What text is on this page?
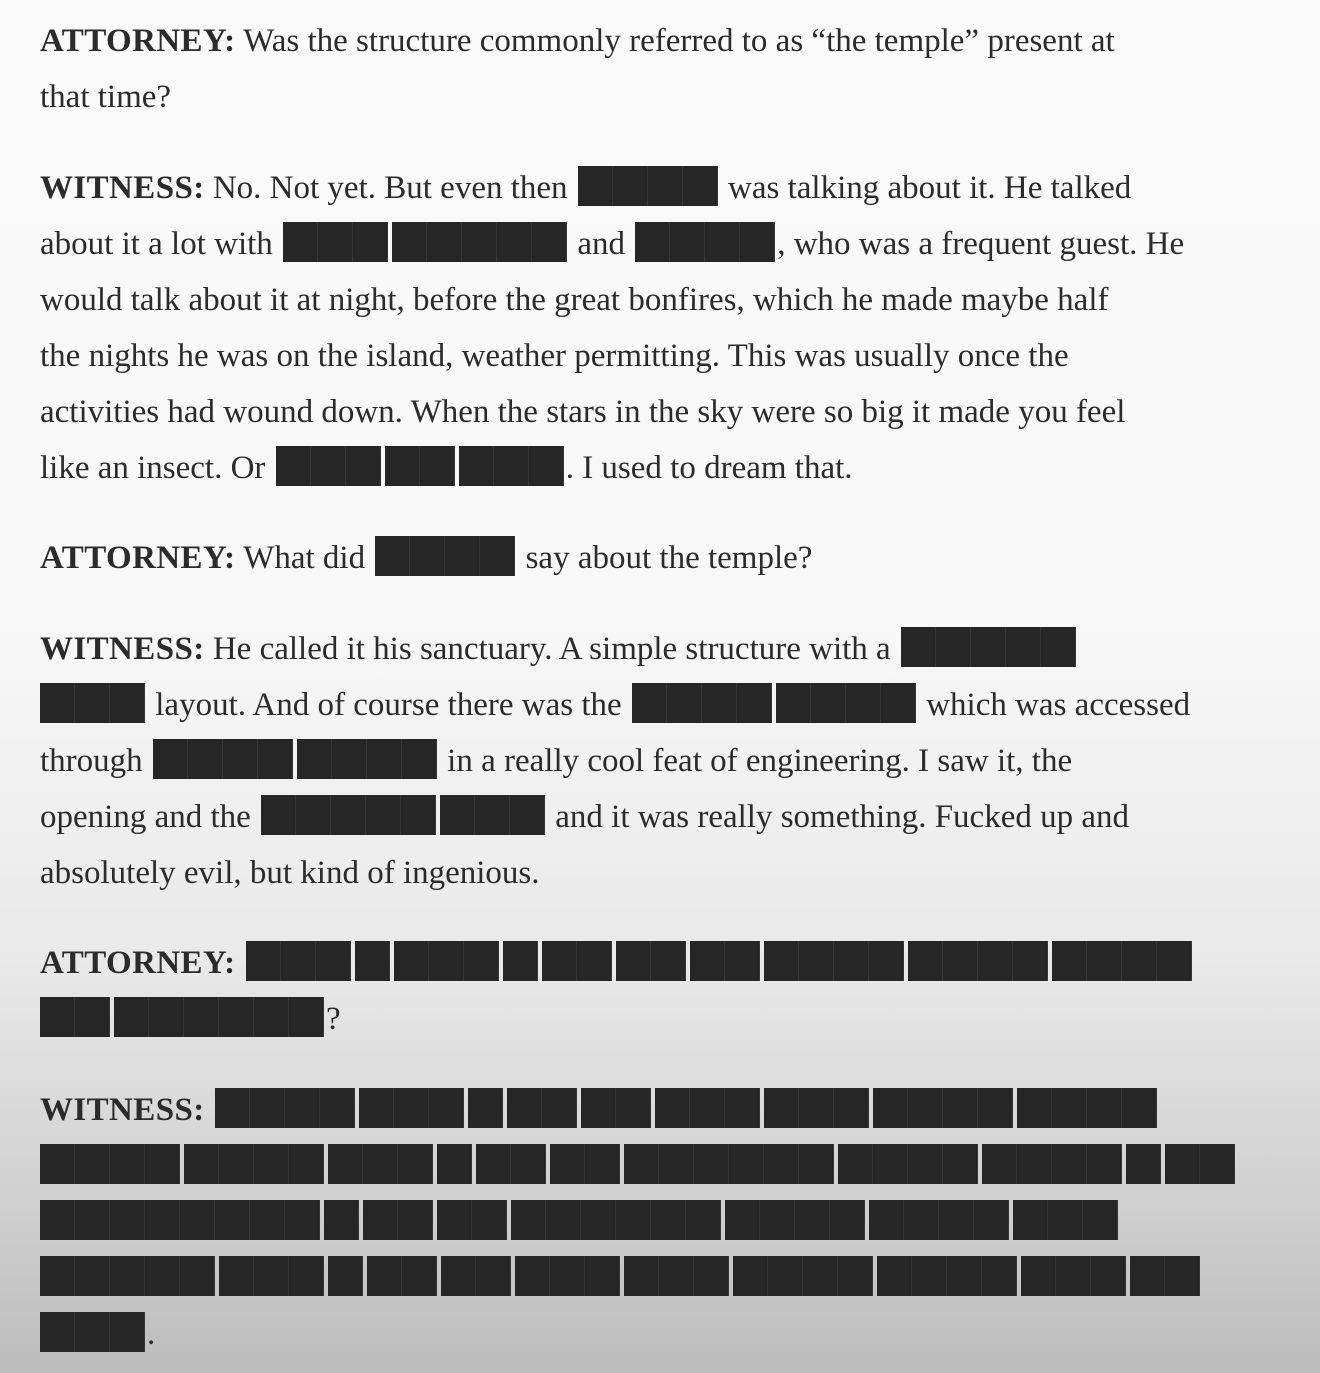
ATTORNEY: Was the structure commonly referred to as “the temple” present at
that time?
WITNESS: No. Not yet. But even then	was talking about it. He talked
about it a lot with	and	, who was a frequent guest. He
would talk about it at night, before the great bonfires, which he made maybe half
the nights he was on the island, weather permitting. This was usually once the
activities had wound down. When the stars in the sky were so big it made you feel
like an insect. Or	. I used to dream that.
ATTORNEY: What did	say about the temple?
WITNESS: He called it his sanctuary. A simple structure with a
layout. And of course there was the	which was accessed
through	in a really cool feat of engineering. I saw it, the
opening and the	and it was really something. Fucked up and
absolutely evil, but kind of ingenious.
ATTORNEY:
?
WITNESS:
.
